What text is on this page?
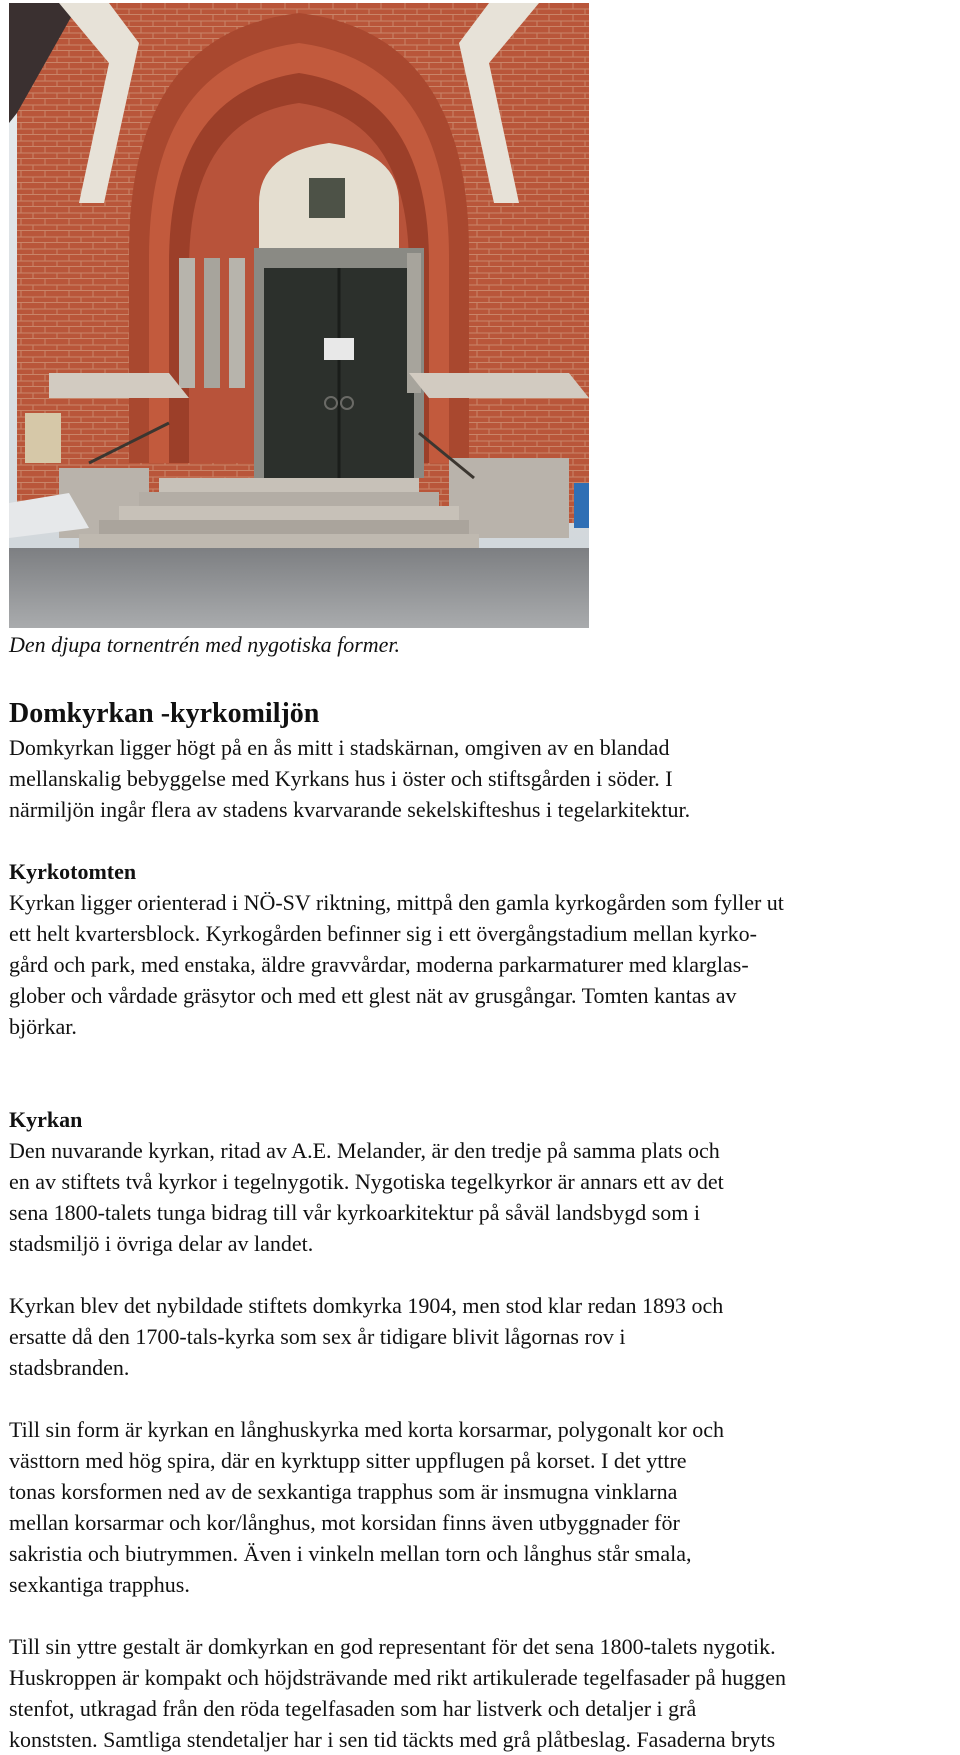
Den djupa tornentrén med nygotiska former.

Domkyrkan -kyrkomiljön

Domkyrkan ligger högt på en ås mitt i stadskärnan, omgiven av en blandad
mellanskalig bebyggelse med Kyrkans hus i öster och stiftsgården i söder. I
närmiljön ingår flera av stadens kvarvarande sekelskifteshus i tegelarkitektur.

Kyrkotomten

Kyrkan ligger orienterad i NÖ-SV riktning, mittpå den gamla kyrkogården som fyller ut
ett helt kvartersblock. Kyrkogården befinner sig i ett övergångstadium mellan kyrko-
gård och park, med enstaka, äldre gravvårdar, moderna parkarmaturer med klarglas-
glober och vårdade gräsytor och med ett glest nät av grusgångar. Tomten kantas av
björkar.

Kyrkan

Den nuvarande kyrkan, ritad av A.E. Melander, är den tredje på samma plats och
en av stiftets två kyrkor i tegelnygotik. Nygotiska tegelkyrkor är annars ett av det
sena 1800-talets tunga bidrag till vår kyrkoarkitektur på såväl landsbygd som i
stadsmiljö i övriga delar av landet.

Kyrkan blev det nybildade stiftets domkyrka 1904, men stod klar redan 1893 och
ersatte då den 1700-tals-kyrka som sex år tidigare blivit lågornas rov i
stadsbranden.

Till sin form är kyrkan en långhuskyrka med korta korsarmar, polygonalt kor och
västtorn med hög spira, där en kyrktupp sitter uppflugen på korset. I det yttre
tonas korsformen ned av de sexkantiga trapphus som är insmugna vinklarna
mellan korsarmar och kor/långhus, mot korsidan finns även utbyggnader för
sakristia och biutrymmen. Även i vinkeln mellan torn och långhus står smala,
sexkantiga trapphus.

Till sin yttre gestalt är domkyrkan en god representant för det sena 1800-talets nygotik.
Huskroppen är kompakt och höjdsträvande med rikt artikulerade tegelfasader på huggen
stenfot, utkragad från den röda tegelfasaden som har listverk och detaljer i grå
konststen. Samtliga stendetaljer har i sen tid täckts med grå plåtbeslag. Fasaderna bryts
